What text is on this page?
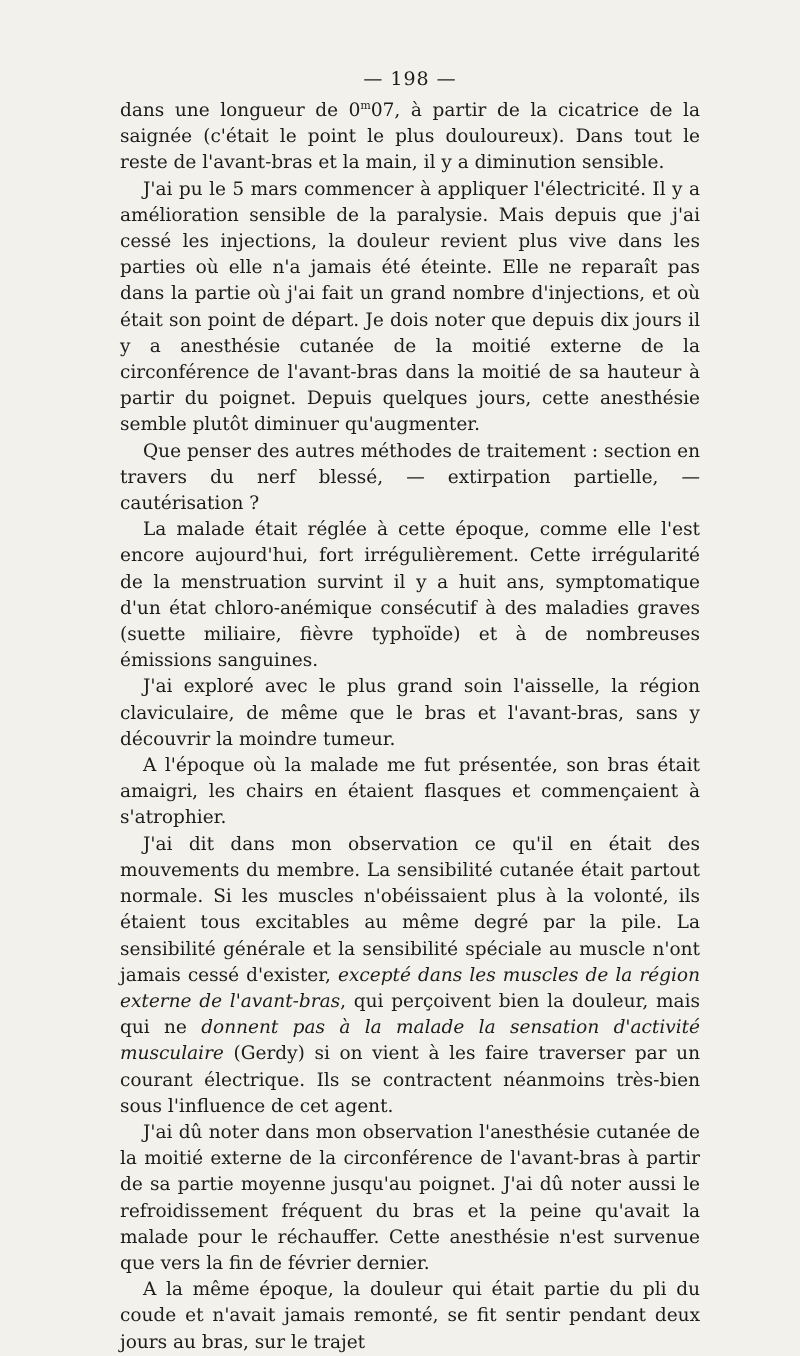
— 198 —

dans une longueur de 0$^m$07, à partir de la cicatrice de la saignée (c'était le point le plus douloureux). Dans tout le reste de l'avant-bras et la main, il y a diminution sensible.

J'ai pu le 5 mars commencer à appliquer l'électricité. Il y a amélioration sensible de la paralysie. Mais depuis que j'ai cessé les injections, la douleur revient plus vive dans les parties où elle n'a jamais été éteinte. Elle ne reparaît pas dans la partie où j'ai fait un grand nombre d'injections, et où était son point de départ. Je dois noter que depuis dix jours il y a anesthésie cutanée de la moitié externe de la circonférence de l'avant-bras dans la moitié de sa hauteur à partir du poignet. Depuis quelques jours, cette anesthésie semble plutôt diminuer qu'augmenter.

Que penser des autres méthodes de traitement : section en travers du nerf blessé, — extirpation partielle, — cautérisation ?

La malade était réglée à cette époque, comme elle l'est encore aujourd'hui, fort irrégulièrement. Cette irrégularité de la menstruation survint il y a huit ans, symptomatique d'un état chloro-anémique consécutif à des maladies graves (suette miliaire, fièvre typhoïde) et à de nombreuses émissions sanguines.

J'ai exploré avec le plus grand soin l'aisselle, la région claviculaire, de même que le bras et l'avant-bras, sans y découvrir la moindre tumeur.

A l'époque où la malade me fut présentée, son bras était amaigri, les chairs en étaient flasques et commençaient à s'atrophier.

J'ai dit dans mon observation ce qu'il en était des mouvements du membre. La sensibilité cutanée était partout normale. Si les muscles n'obéissaient plus à la volonté, ils étaient tous excitables au même degré par la pile. La sensibilité générale et la sensibilité spéciale au muscle n'ont jamais cessé d'exister, excepté dans les muscles de la région externe de l'avant-bras, qui perçoivent bien la douleur, mais qui ne donnent pas à la malade la sensation d'activité musculaire (Gerdy) si on vient à les faire traverser par un courant électrique. Ils se contractent néanmoins très-bien sous l'influence de cet agent.

J'ai dû noter dans mon observation l'anesthésie cutanée de la moitié externe de la circonférence de l'avant-bras à partir de sa partie moyenne jusqu'au poignet. J'ai dû noter aussi le refroidissement fréquent du bras et la peine qu'avait la malade pour le réchauffer. Cette anesthésie n'est survenue que vers la fin de février dernier.

A la même époque, la douleur qui était partie du pli du coude et n'avait jamais remonté, se fit sentir pendant deux jours au bras, sur le trajet
